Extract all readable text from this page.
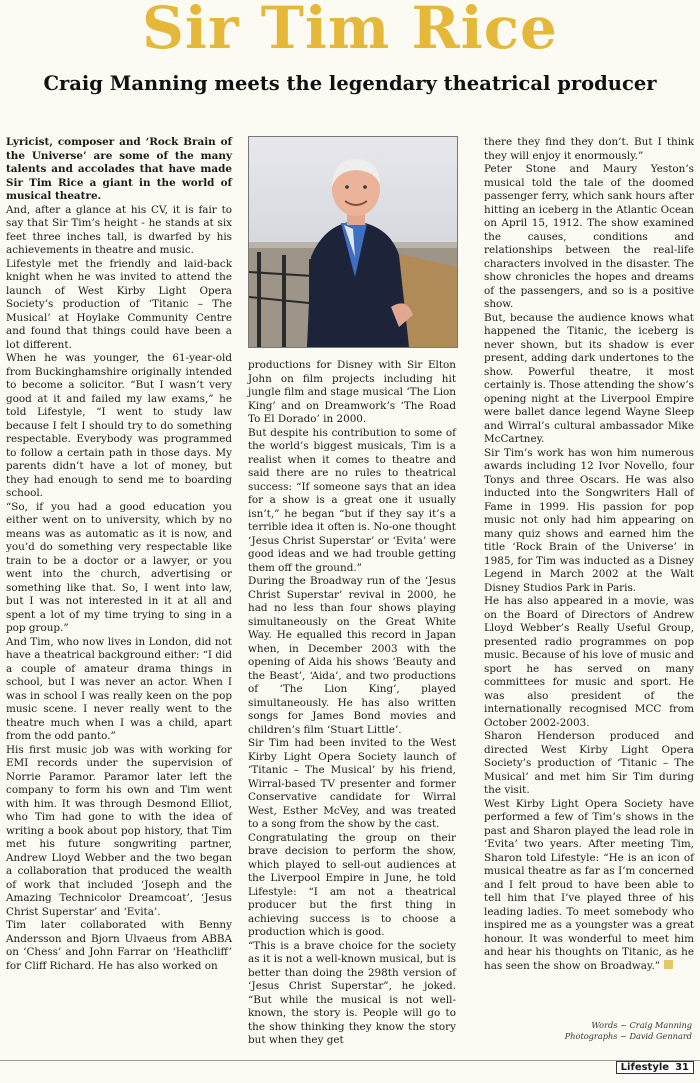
Sir Tim Rice
Craig Manning meets the legendary theatrical producer

Lyricist, composer and ‘Rock Brain of the Universe’ are some of the many talents and accolades that have made Sir Tim Rice a giant in the world of musical theatre.

And, after a glance at his CV, it is fair to say that Sir Tim’s height - he stands at six feet three inches tall, is dwarfed by his achievements in theatre and music.

Lifestyle met the friendly and laid-back knight when he was invited to attend the launch of West Kirby Light Opera Society’s production of ‘Titanic – The Musical’ at Hoylake Community Centre and found that things could have been a lot different.

When he was younger, the 61-year-old from Buckinghamshire originally intended to become a solicitor. “But I wasn’t very good at it and failed my law exams,” he told Lifestyle, “I went to study law because I felt I should try to do something respectable. Everybody was programmed to follow a certain path in those days. My parents didn’t have a lot of money, but they had enough to send me to boarding school.

“So, if you had a good education you either went on to university, which by no means was as automatic as it is now, and you’d do something very respectable like train to be a doctor or a lawyer, or you went into the church, advertising or something like that. So, I went into law, but I was not interested in it at all and spent a lot of my time trying to sing in a pop group.”

And Tim, who now lives in London, did not have a theatrical background either: “I did a couple of amateur drama things in school, but I was never an actor. When I was in school I was really keen on the pop music scene. I never really went to the theatre much when I was a child, apart from the odd panto.”

His first music job was with working for EMI records under the supervision of Norrie Paramor. Paramor later left the company to form his own and Tim went with him. It was through Desmond Elliot, who Tim had gone to with the idea of writing a book about pop history, that Tim met his future songwriting partner, Andrew Lloyd Webber and the two began a collaboration that produced the wealth of work that included ‘Joseph and the Amazing Technicolor Dreamcoat’, ‘Jesus Christ Superstar’ and ‘Evita’.

Tim later collaborated with Benny Andersson and Bjorn Ulvaeus from ABBA on ‘Chess’ and John Farrar on ‘Heathcliff’ for Cliff Richard. He has also worked on

productions for Disney with Sir Elton John on film projects including hit jungle film and stage musical ‘The Lion King’ and on Dreamwork’s ‘The Road To El Dorado’ in 2000.

But despite his contribution to some of the world’s biggest musicals, Tim is a realist when it comes to theatre and said there are no rules to theatrical success: “If someone says that an idea for a show is a great one it usually isn’t,” he began “but if they say it’s a terrible idea it often is. No-one thought ‘Jesus Christ Superstar’ or ‘Evita’ were good ideas and we had trouble getting them off the ground.”

During the Broadway run of the ‘Jesus Christ Superstar’ revival in 2000, he had no less than four shows playing simultaneously on the Great White Way. He equalled this record in Japan when, in December 2003 with the opening of Aida his shows ‘Beauty and the Beast’, ‘Aida’, and two productions of ‘The Lion King’, played simultaneously. He has also written songs for James Bond movies and children’s film ‘Stuart Little’.

Sir Tim had been invited to the West Kirby Light Opera Society launch of ‘Titanic – The Musical’ by his friend, Wirral-based TV presenter and former Conservative candidate for Wirral West, Esther McVey, and was treated to a song from the show by the cast.

Congratulating the group on their brave decision to perform the show, which played to sell-out audiences at the Liverpool Empire in June, he told Lifestyle: “I am not a theatrical producer but the first thing in achieving success is to choose a production which is good.

“This is a brave choice for the society as it is not a well-known musical, but is better than doing the 298th version of ‘Jesus Christ Superstar”, he joked. “But while the musical is not well-known, the story is. People will go to the show thinking they know the story but when they get

there they find they don’t. But I think they will enjoy it enormously.”

Peter Stone and Maury Yeston’s musical told the tale of the doomed passenger ferry, which sank hours after hitting an iceberg in the Atlantic Ocean on April 15, 1912. The show examined the causes, conditions and relationships between the real-life characters involved in the disaster. The show chronicles the hopes and dreams of the passengers, and so is a positive show.

But, because the audience knows what happened the Titanic, the iceberg is never shown, but its shadow is ever present, adding dark undertones to the show. Powerful theatre, it most certainly is. Those attending the show’s opening night at the Liverpool Empire were ballet dance legend Wayne Sleep and Wirral’s cultural ambassador Mike McCartney.

Sir Tim’s work has won him numerous awards including 12 Ivor Novello, four Tonys and three Oscars. He was also inducted into the Songwriters Hall of Fame in 1999. His passion for pop music not only had him appearing on many quiz shows and earned him the title ‘Rock Brain of the Universe’ in 1985, for Tim was inducted as a Disney Legend in March 2002 at the Walt Disney Studios Park in Paris.

He has also appeared in a movie, was on the Board of Directors of Andrew Lloyd Webber’s Really Useful Group, presented radio programmes on pop music. Because of his love of music and sport he has served on many committees for music and sport. He was also president of the internationally recognised MCC from October 2002-2003.

Sharon Henderson produced and directed West Kirby Light Opera Society’s production of ‘Titanic – The Musical’ and met him Sir Tim during the visit.

West Kirby Light Opera Society have performed a few of Tim’s shows in the past and Sharon played the lead role in ‘Evita’ two years. After meeting Tim, Sharon told Lifestyle: “He is an icon of musical theatre as far as I’m concerned and I felt proud to have been able to tell him that I’ve played three of his leading ladies. To meet somebody who inspired me as a youngster was a great honour. It was wonderful to meet him and hear his thoughts on Titanic, as he has seen the show on Broadway.”

Words ~ Craig Manning
Photographs ~ David Gennard
Lifestyle 31
